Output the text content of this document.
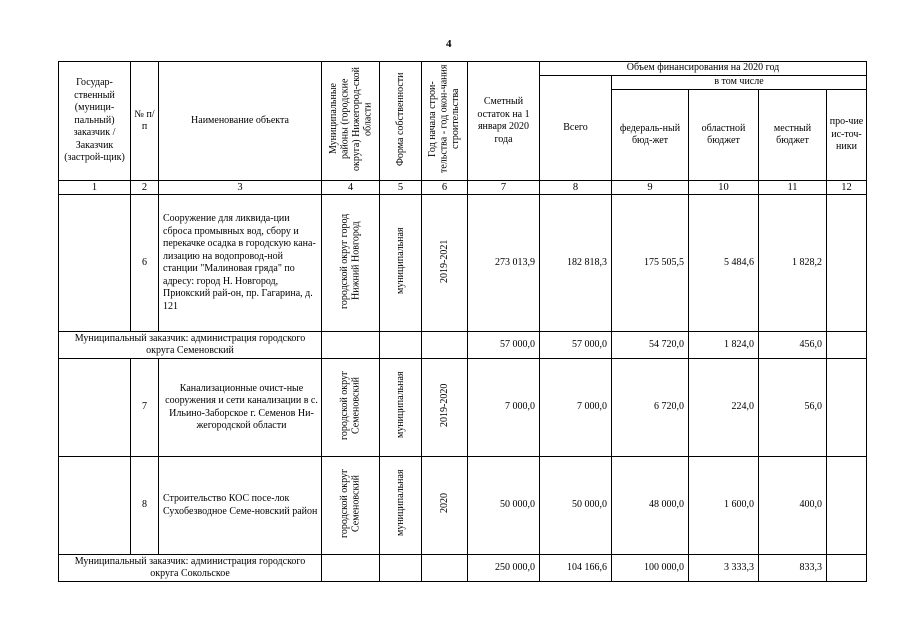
4
Государ-ственный (муници-пальный) заказчик / Заказчик (застрой-щик)	№ п/п	Наименование объекта	Муниципальные районы (городские округа) Нижегород-ской области	Форма собственности	Год начала строи-тельства - год окон-чания строительства	Сметный остаток на 1 января 2020 года	Объем финансирования на 2020 год				
							Всего	в том числе			
								федераль-ный бюд-жет	областной бюджет	местный бюджет	про-чие ис-точ-ники
1	2	3	4	5	6	7	8	9	10	11	12
	6	Сооружение для ликвида-ции сброса промывных вод, сбору и перекачке осадка в городскую кана-лизацию на водопровод-ной станции "Малиновая гряда" по адресу: город Н. Новгород, Приокский рай-он, пр. Гагарина, д. 121	городской округ город Нижний Новгород	муниципальная	2019-2021	273 013,9	182 818,3	175 505,5	5 484,6	1 828,2	
Муниципальный заказчик: администрация городского округа Семеновский						57 000,0	57 000,0	54 720,0	1 824,0	456,0	
	7	Канализационные очист-ные сооружения и сети канализации в с. Ильино-Заборское г. Семенов Ни-жегородской области	городской округ Семеновский	муниципальная	2019-2020	7 000,0	7 000,0	6 720,0	224,0	56,0	
	8	Строительство КОС посе-лок Сухобезводное Семе-новский район	городской округ Семеновский	муниципальная	2020	50 000,0	50 000,0	48 000,0	1 600,0	400,0	
Муниципальный заказчик: администрация городского округа Сокольское						250 000,0	104 166,6	100 000,0	3 333,3	833,3	
